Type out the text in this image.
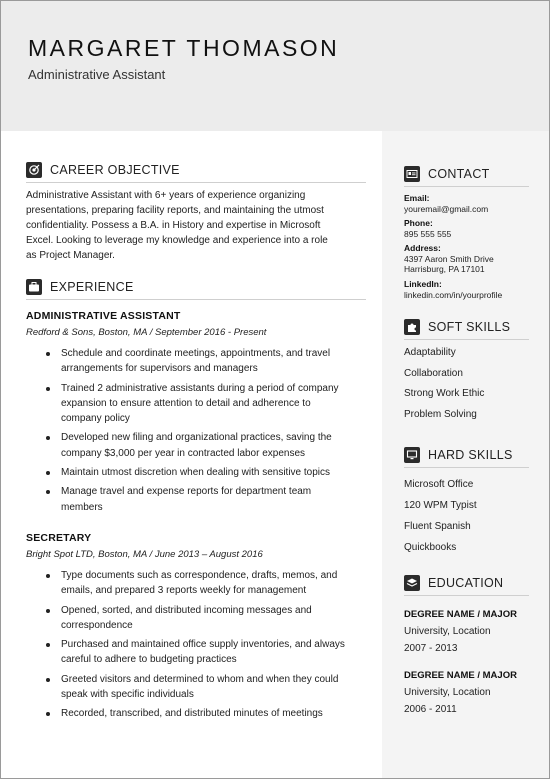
MARGARET THOMASON
Administrative Assistant
CAREER OBJECTIVE
Administrative Assistant with 6+ years of experience organizing
presentations, preparing facility reports, and maintaining the utmost
confidentiality. Possess a B.A. in History and expertise in Microsoft
Excel. Looking to leverage my knowledge and experience into a role
as Project Manager.
EXPERIENCE
ADMINISTRATIVE ASSISTANT
Redford & Sons, Boston, MA / September 2016 - Present
Schedule and coordinate meetings, appointments, and travel
arrangements for supervisors and managers
Trained 2 administrative assistants during a period of company
expansion to ensure attention to detail and adherence to
company policy
Developed new filing and organizational practices, saving the
company $3,000 per year in contracted labor expenses
Maintain utmost discretion when dealing with sensitive topics
Manage travel and expense reports for department team
members
SECRETARY
Bright Spot LTD, Boston, MA / June 2013 – August 2016
Type documents such as correspondence, drafts, memos, and
emails, and prepared 3 reports weekly for management
Opened, sorted, and distributed incoming messages and
correspondence
Purchased and maintained office supply inventories, and always
careful to adhere to budgeting practices
Greeted visitors and determined to whom and when they could
speak with specific individuals
Recorded, transcribed, and distributed minutes of meetings
CONTACT
Email:
youremail@gmail.com
Phone:
895 555 555
Address:
4397 Aaron Smith Drive
Harrisburg, PA 17101
LinkedIn:
linkedin.com/in/yourprofile
SOFT SKILLS
Adaptability
Collaboration
Strong Work Ethic
Problem Solving
HARD SKILLS
Microsoft Office
120 WPM Typist
Fluent Spanish
Quickbooks
EDUCATION
DEGREE NAME / MAJOR
University, Location
2007 - 2013
DEGREE NAME / MAJOR
University, Location
2006 - 2011
